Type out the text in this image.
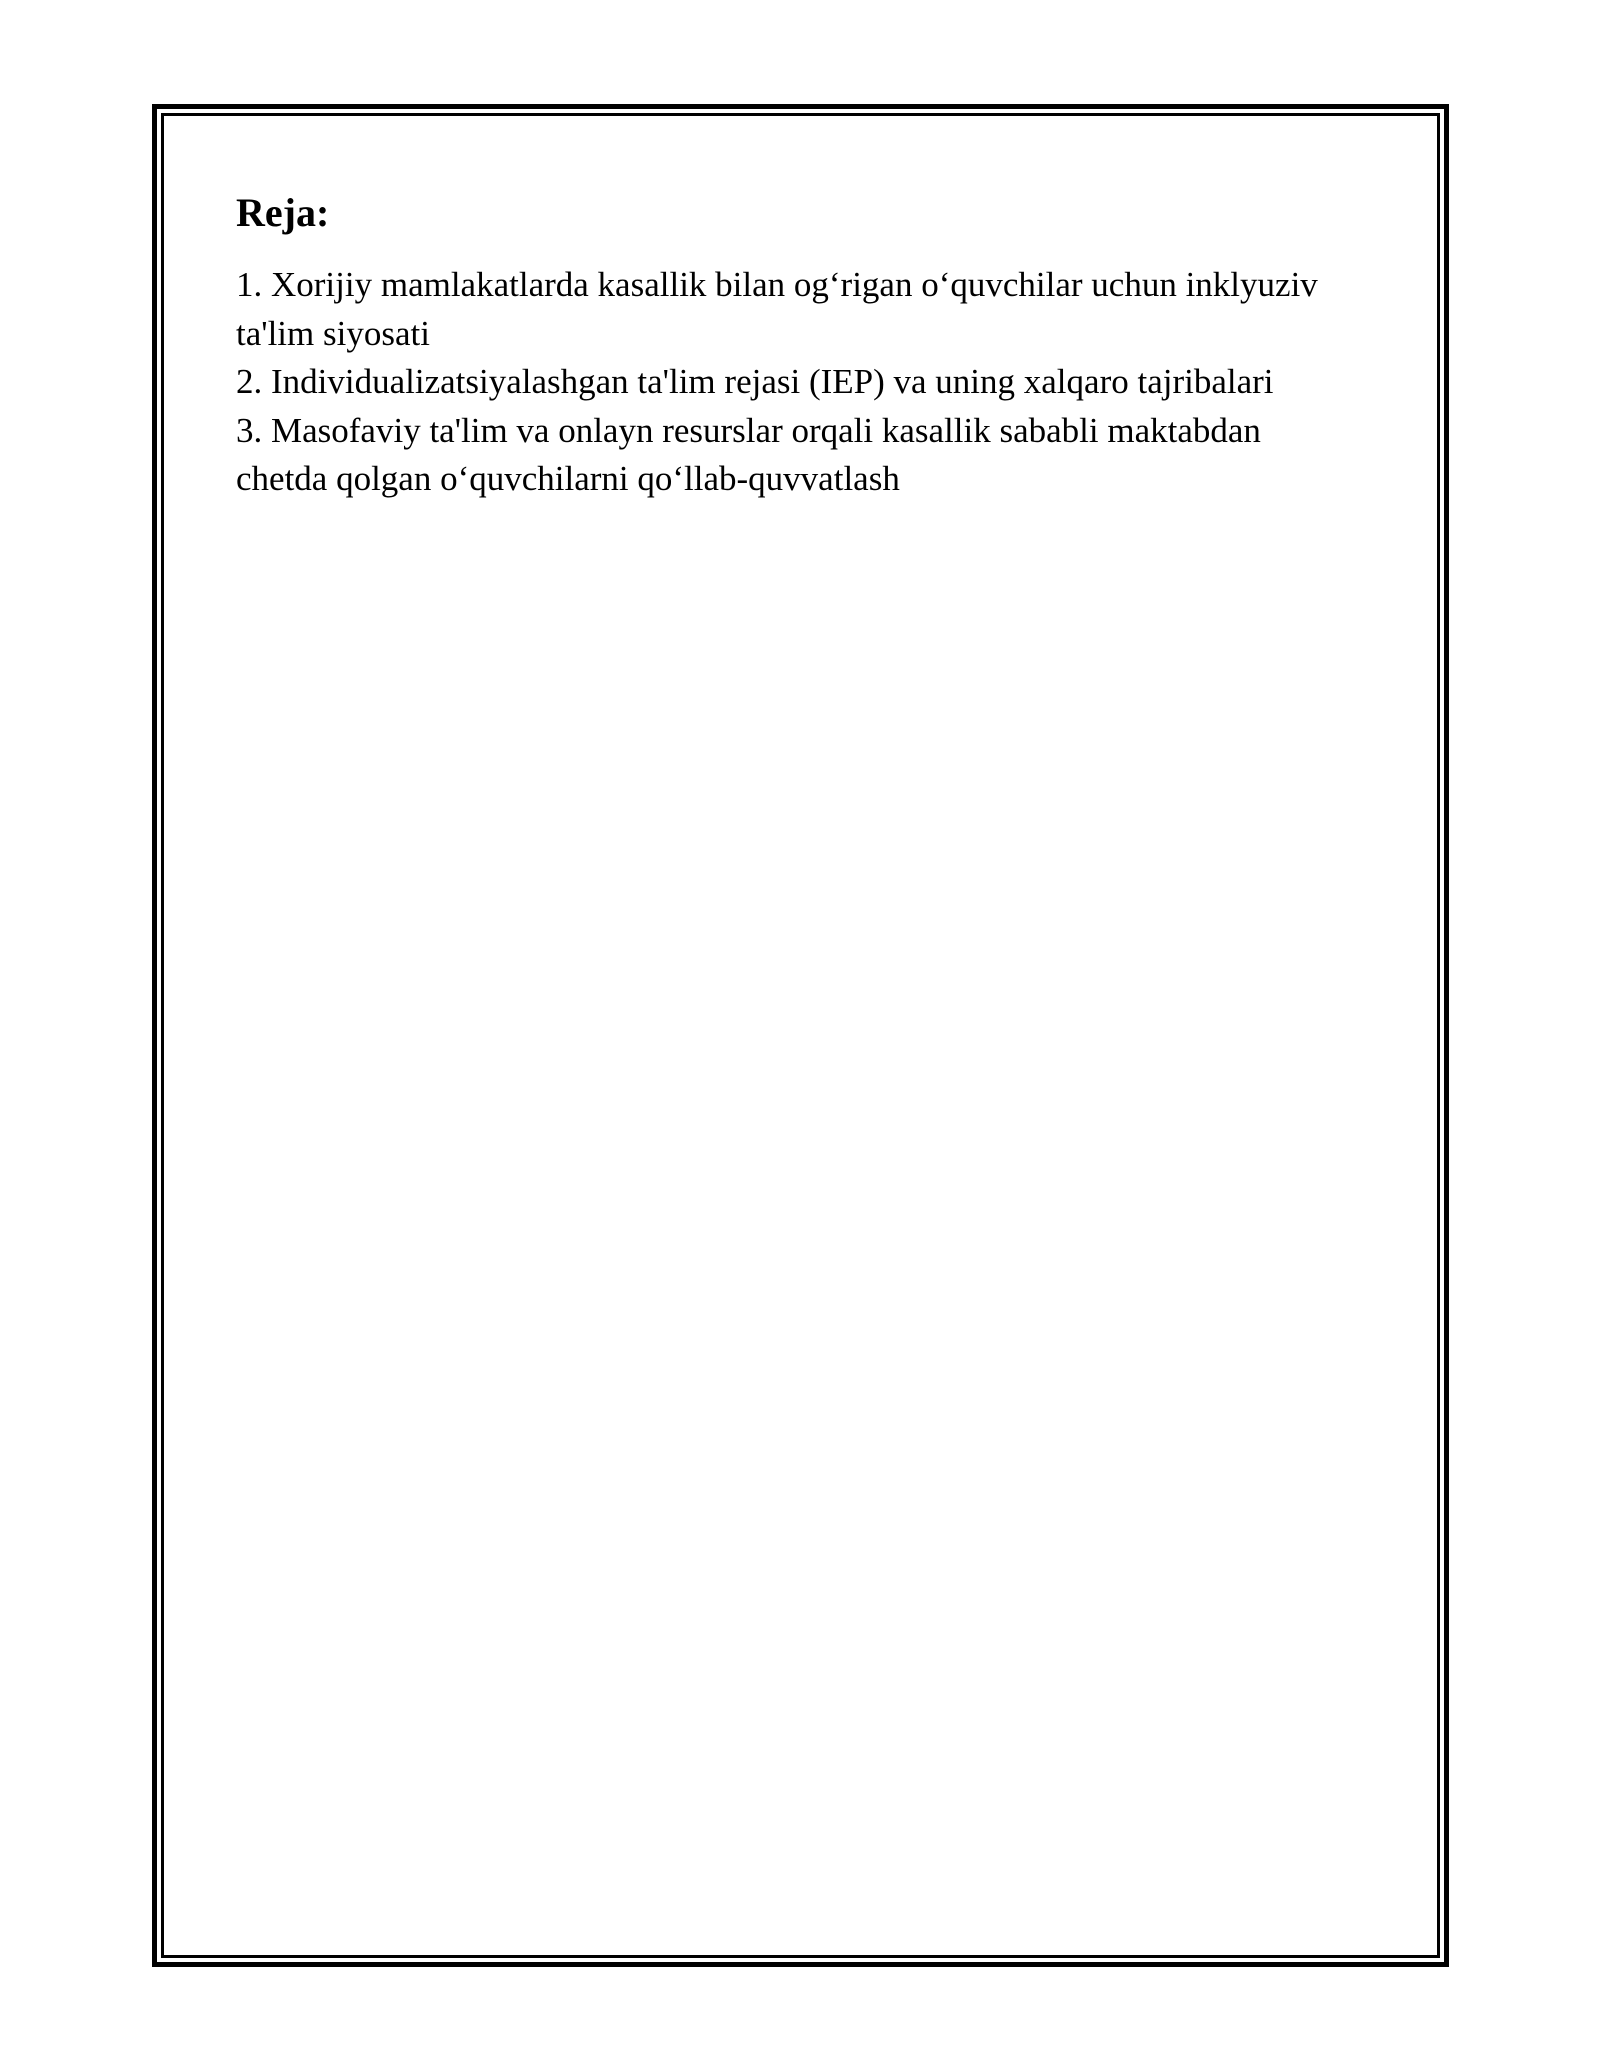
Reja:
1. Xorijiy mamlakatlarda kasallik bilan og‘rigan o‘quvchilar uchun inklyuziv ta'lim siyosati
2. Individualizatsiyalashgan ta'lim rejasi (IEP) va uning xalqaro tajribalari
3. Masofaviy ta'lim va onlayn resurslar orqali kasallik sababli maktabdan chetda qolgan o‘quvchilarni qo‘llab-quvvatlash
